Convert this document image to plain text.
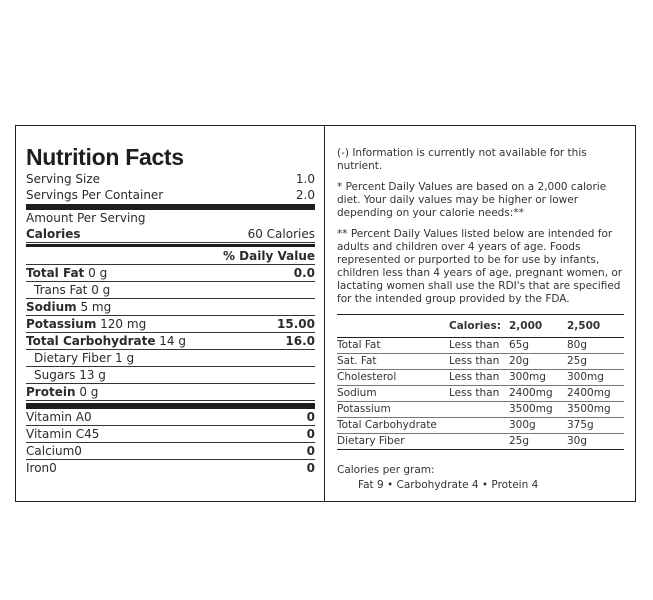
Nutrition Facts
Serving Size	1.0
Servings Per Container	2.0
Amount Per Serving
Calories	60 Calories
% Daily Value
Total Fat 0 g	0.0
Trans Fat 0 g
Sodium 5 mg
Potassium 120 mg	15.00
Total Carbohydrate 14 g	16.0
Dietary Fiber 1 g
Sugars 13 g
Protein 0 g
Vitamin A0	0
Vitamin C45	0
Calcium0	0
Iron0	0
(-) Information is currently not available for this nutrient.
* Percent Daily Values are based on a 2,000 calorie diet. Your daily values may be higher or lower depending on your calorie needs:**
** Percent Daily Values listed below are intended for adults and children over 4 years of age. Foods represented or purported to be for use by infants, children less than 4 years of age, pregnant women, or lactating women shall use the RDI's that are specified for the intended group provided by the FDA.
	Calories:	2,000	2,500
Total Fat	Less than	65g	80g
Sat. Fat	Less than	20g	25g
Cholesterol	Less than	300mg	300mg
Sodium	Less than	2400mg	2400mg
Potassium		3500mg	3500mg
Total Carbohydrate		300g	375g
Dietary Fiber		25g	30g
Calories per gram:
Fat 9 • Carbohydrate 4 • Protein 4
